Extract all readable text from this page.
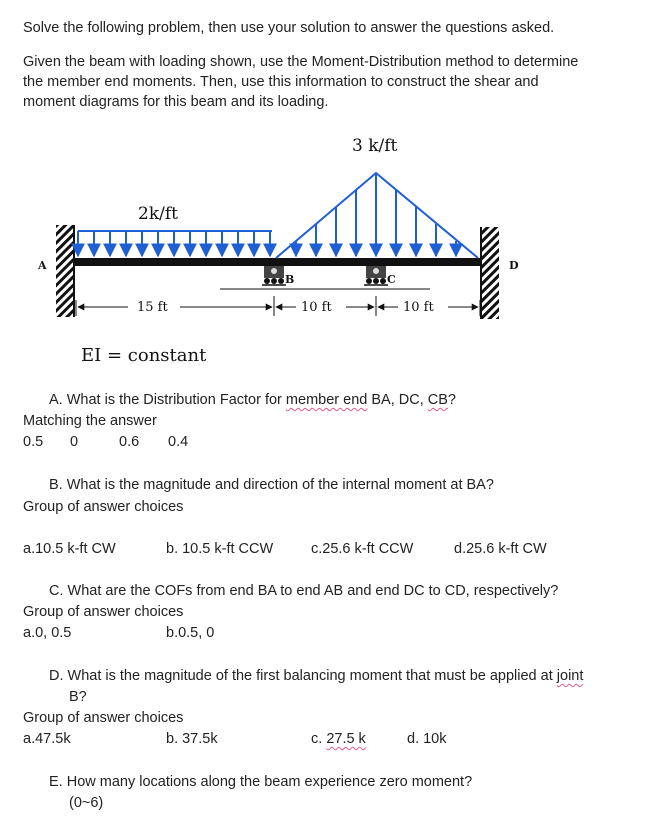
Solve the following problem, then use your solution to answer the questions asked.
Given the beam with loading shown, use the Moment-Distribution method to determine
the member end moments. Then, use this information to construct the shear and
moment diagrams for this beam and its loading.
2k/ft
3 k/ft
A
B	C
D
15 ft	10 ft	10 ft
EI = constant
A. What is the Distribution Factor for member end BA, DC, CB?
Matching the answer
0.5 0	0.6 0.4
B. What is the magnitude and direction of the internal moment at BA?
Group of answer choices
a.10.5 k-ft CW	b. 10.5 k-ft CCW	c.25.6 k-ft CCW	d.25.6 k-ft CW
C. What are the COFs from end BA to end AB and end DC to CD, respectively?
Group of answer choices
a.0, 0.5	b.0.5, 0
D. What is the magnitude of the first balancing moment that must be applied at joint
B?
Group of answer choices
a.47.5k	b. 37.5k	c. 27.5 k	d. 10k
E. How many locations along the beam experience zero moment?
(0~6)
